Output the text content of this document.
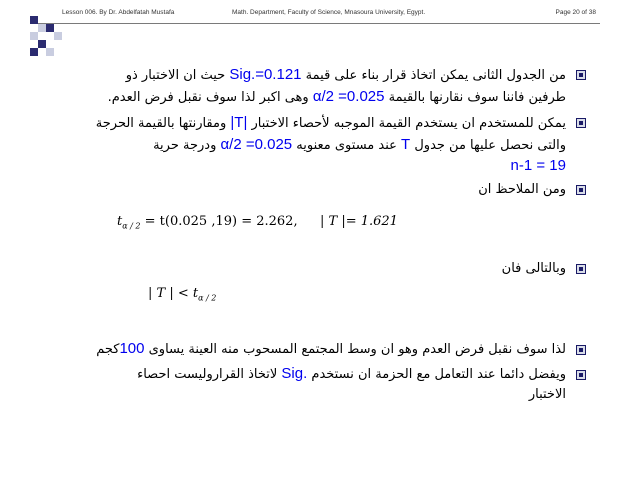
Lesson 006. By Dr. Abdelfatah Mustafa	Math. Department, Faculty of Science, Mnasoura University, Egypt.	Page 20 of 38
من الجدول الثانى يمكن اتخاذ قرار بناء على قيمة Sig.=0.121 حيث ان الاختبار ذو
طرفين فاننا سوف نقارنها بالقيمة α/2 =0.025 وهى اكبر لذا سوف نقبل فرض العدم.
يمكن للمستخدم ان يستخدم القيمة الموجبه لأحصاء الاختبار |T| ومقارنتها بالقيمة الحرجة
والتى نحصل عليها من جدول T عند مستوى معنويه α/2 =0.025 ودرجة حرية
n-1 = 19
ومن الملاحظ ان
$t_{\alpha / 2} = t(0.025$ ,19) = 2.262, | T |= 1.621
وبالتالى فان
| T | < $t_{\alpha / 2}$
لذا سوف نقبل فرض العدم وهو ان وسط المجتمع المسحوب منه العينة يساوى 100كجم
ويفضل دائما عند التعامل مع الحزمة ان نستخدم Sig. لاتخاذ القراروليست احصاء
الاختبار
